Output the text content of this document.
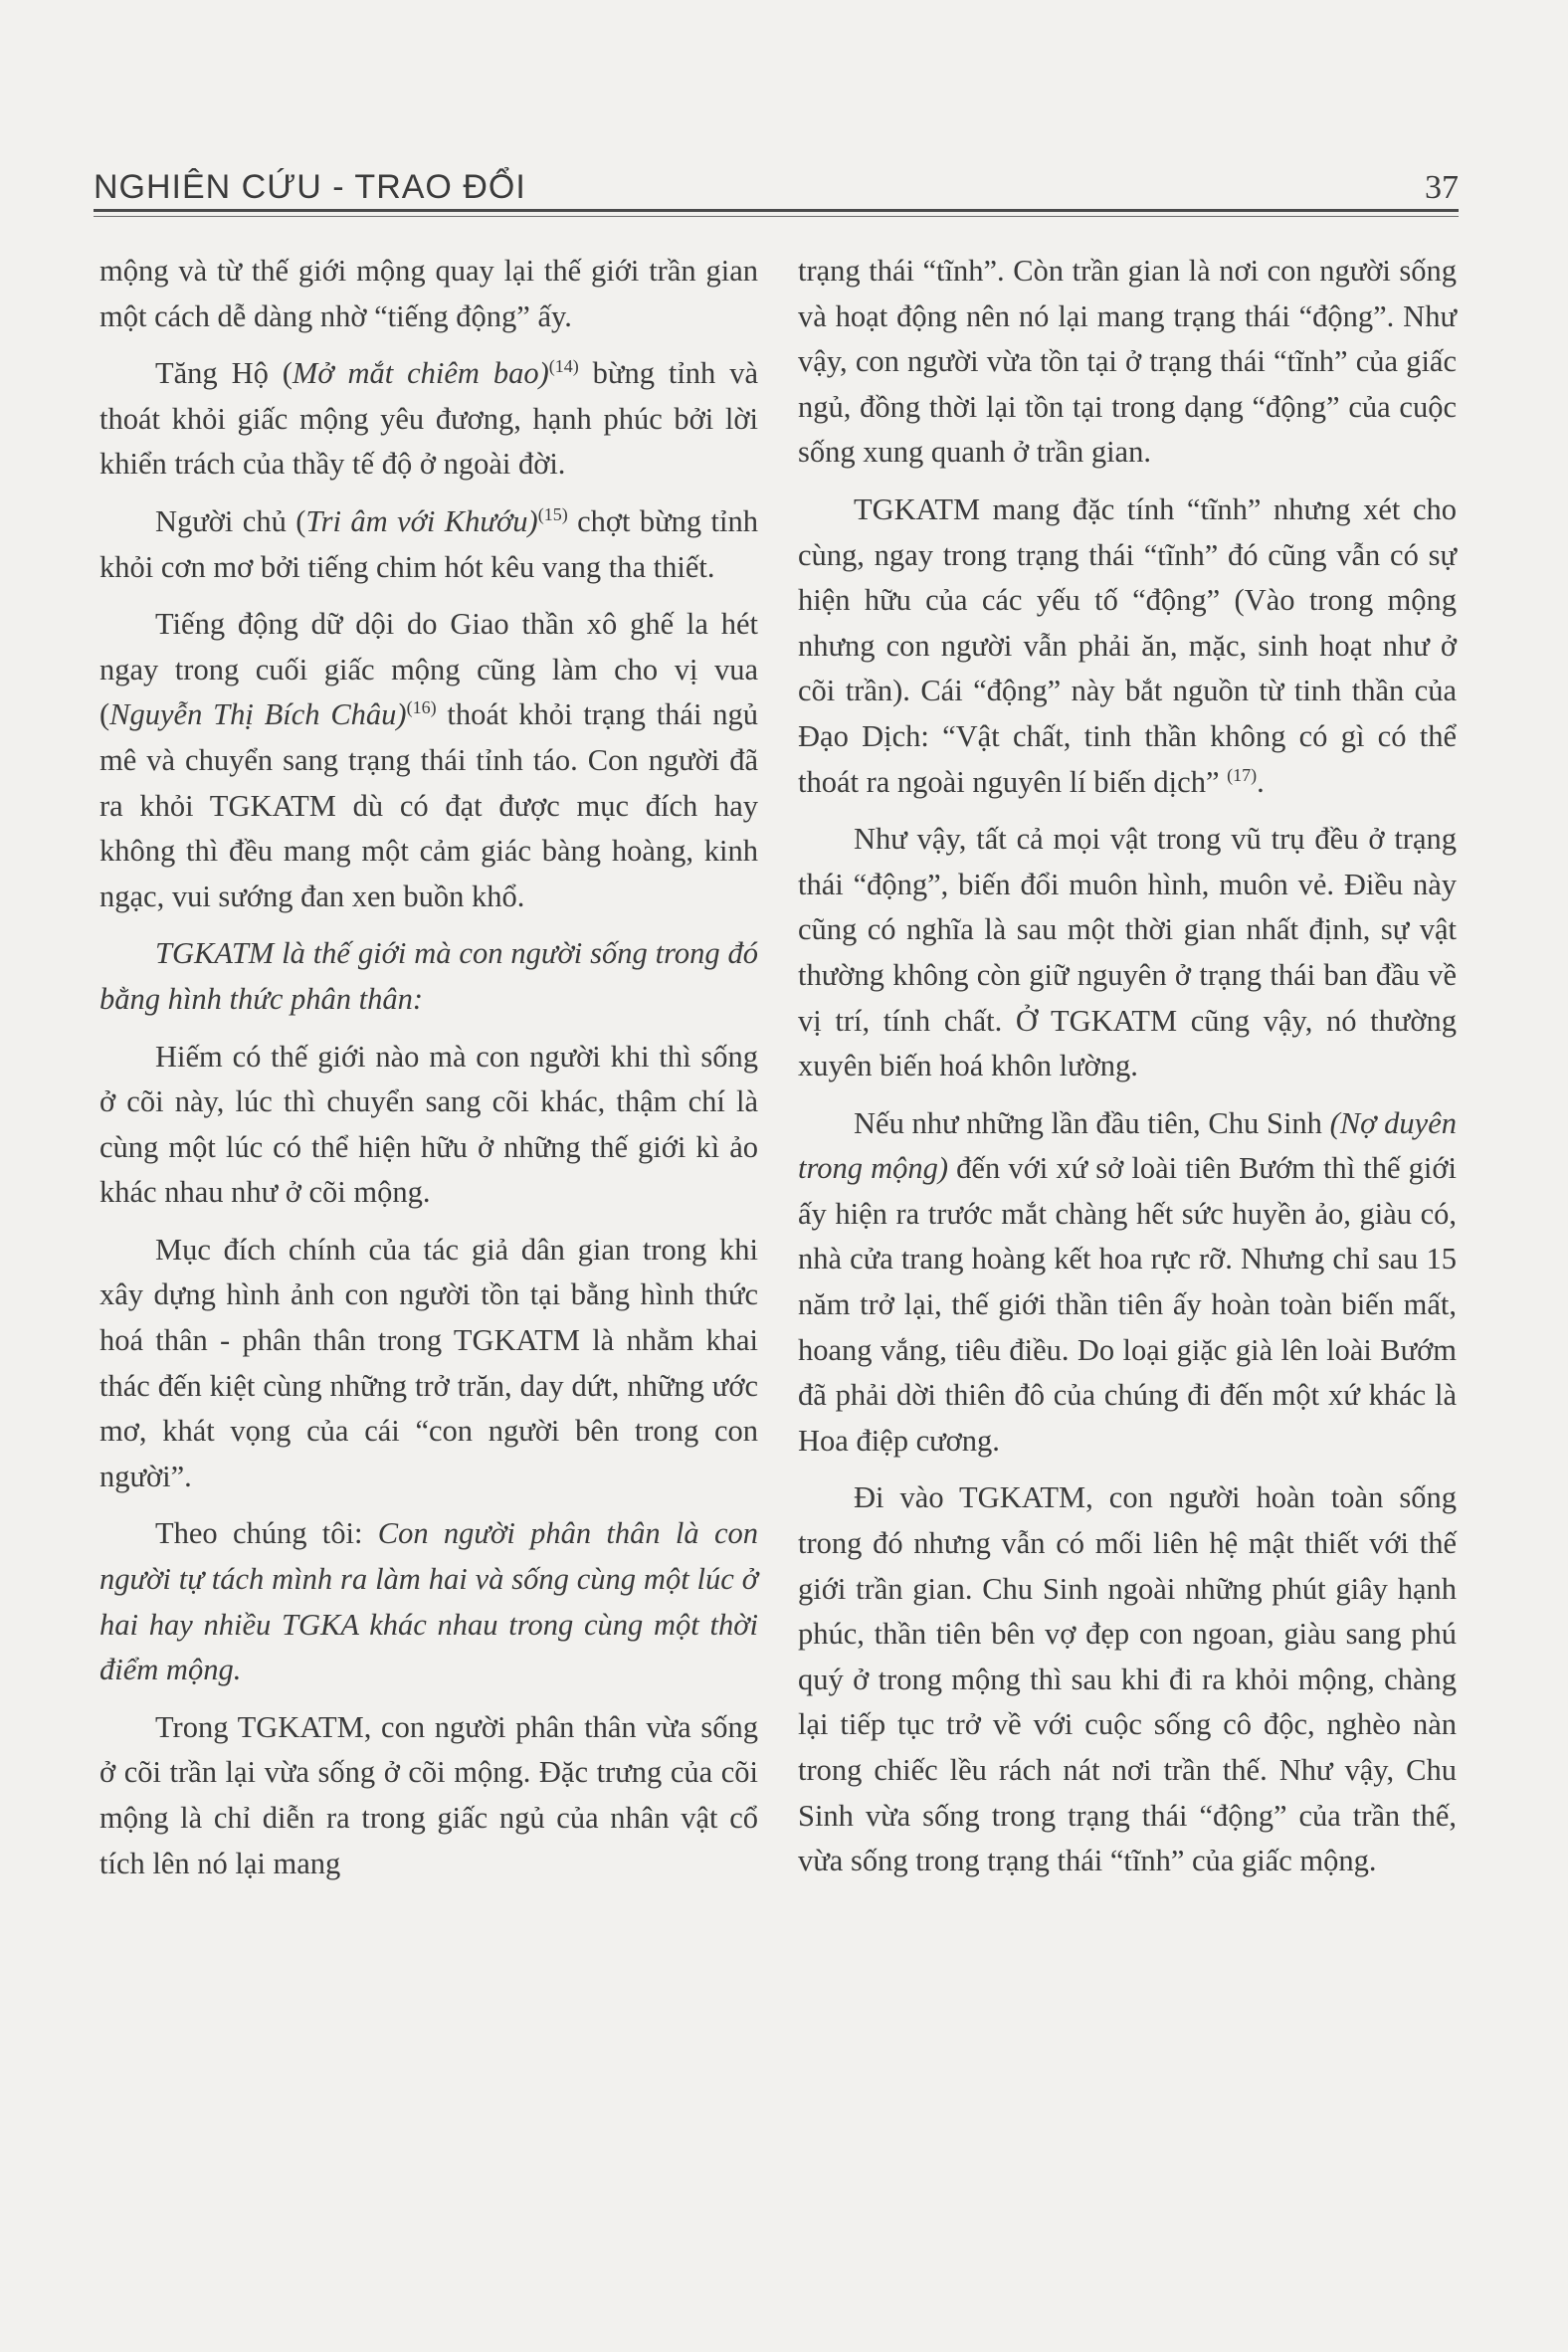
NGHIÊN CỨU - TRAO ĐỔI	37

mộng và từ thế giới mộng quay lại thế giới trần gian một cách dễ dàng nhờ “tiếng động” ấy.

Tăng Hộ (Mở mắt chiêm bao)$^{(14)}$ bừng tỉnh và thoát khỏi giấc mộng yêu đương, hạnh phúc bởi lời khiển trách của thầy tế độ ở ngoài đời.

Người chủ (Tri âm với Khướu)$^{(15)}$ chợt bừng tỉnh khỏi cơn mơ bởi tiếng chim hót kêu vang tha thiết.

Tiếng động dữ dội do Giao thần xô ghế la hét ngay trong cuối giấc mộng cũng làm cho vị vua (Nguyễn Thị Bích Châu)$^{(16)}$ thoát khỏi trạng thái ngủ mê và chuyển sang trạng thái tỉnh táo. Con người đã ra khỏi TGKATM dù có đạt được mục đích hay không thì đều mang một cảm giác bàng hoàng, kinh ngạc, vui sướng đan xen buồn khổ.

TGKATM là thế giới mà con người sống trong đó bằng hình thức phân thân:

Hiếm có thế giới nào mà con người khi thì sống ở cõi này, lúc thì chuyển sang cõi khác, thậm chí là cùng một lúc có thể hiện hữu ở những thế giới kì ảo khác nhau như ở cõi mộng.

Mục đích chính của tác giả dân gian trong khi xây dựng hình ảnh con người tồn tại bằng hình thức hoá thân - phân thân trong TGKATM là nhằm khai thác đến kiệt cùng những trở trăn, day dứt, những ước mơ, khát vọng của cái “con người bên trong con người”.

Theo chúng tôi: Con người phân thân là con người tự tách mình ra làm hai và sống cùng một lúc ở hai hay nhiều TGKA khác nhau trong cùng một thời điểm mộng.

Trong TGKATM, con người phân thân vừa sống ở cõi trần lại vừa sống ở cõi mộng. Đặc trưng của cõi mộng là chỉ diễn ra trong giấc ngủ của nhân vật cổ tích lên nó lại mang

trạng thái “tĩnh”. Còn trần gian là nơi con người sống và hoạt động nên nó lại mang trạng thái “động”. Như vậy, con người vừa tồn tại ở trạng thái “tĩnh” của giấc ngủ, đồng thời lại tồn tại trong dạng “động” của cuộc sống xung quanh ở trần gian.

TGKATM mang đặc tính “tĩnh” nhưng xét cho cùng, ngay trong trạng thái “tĩnh” đó cũng vẫn có sự hiện hữu của các yếu tố “động” (Vào trong mộng nhưng con người vẫn phải ăn, mặc, sinh hoạt như ở cõi trần). Cái “động” này bắt nguồn từ tinh thần của Đạo Dịch: “Vật chất, tinh thần không có gì có thể thoát ra ngoài nguyên lí biến dịch” $^{(17)}$.

Như vậy, tất cả mọi vật trong vũ trụ đều ở trạng thái “động”, biến đổi muôn hình, muôn vẻ. Điều này cũng có nghĩa là sau một thời gian nhất định, sự vật thường không còn giữ nguyên ở trạng thái ban đầu về vị trí, tính chất. Ở TGKATM cũng vậy, nó thường xuyên biến hoá khôn lường.

Nếu như những lần đầu tiên, Chu Sinh (Nợ duyên trong mộng) đến với xứ sở loài tiên Bướm thì thế giới ấy hiện ra trước mắt chàng hết sức huyền ảo, giàu có, nhà cửa trang hoàng kết hoa rực rỡ. Nhưng chỉ sau 15 năm trở lại, thế giới thần tiên ấy hoàn toàn biến mất, hoang vắng, tiêu điều. Do loại giặc già lên loài Bướm đã phải dời thiên đô của chúng đi đến một xứ khác là Hoa điệp cương.

Đi vào TGKATM, con người hoàn toàn sống trong đó nhưng vẫn có mối liên hệ mật thiết với thế giới trần gian. Chu Sinh ngoài những phút giây hạnh phúc, thần tiên bên vợ đẹp con ngoan, giàu sang phú quý ở trong mộng thì sau khi đi ra khỏi mộng, chàng lại tiếp tục trở về với cuộc sống cô độc, nghèo nàn trong chiếc lều rách nát nơi trần thế. Như vậy, Chu Sinh vừa sống trong trạng thái “động” của trần thế, vừa sống trong trạng thái “tĩnh” của giấc mộng.
